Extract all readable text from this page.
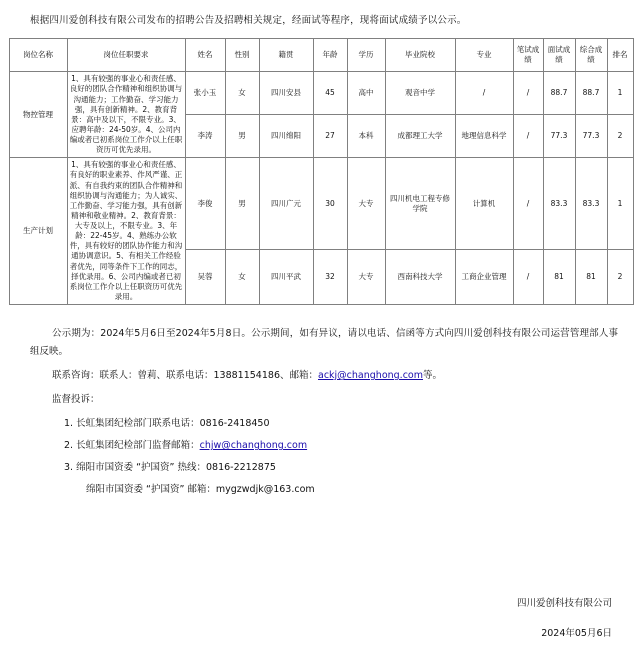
根据四川爱创科技有限公司发布的招聘公告及招聘相关规定，经面试等程序，现将面试成绩予以公示。
岗位名称	岗位任职要求	姓名	性别	籍贯	年龄	学历	毕业院校	专业	笔试成绩	面试成绩	综合成绩	排名
物控管理	1、具有较强的事业心和责任感、良好的团队合作精神和组织协调与沟通能力；工作勤奋、学习能力强，具有创新精神。2、教育背景：高中及以下，不限专业。3、应聘年龄：24-50岁。4、公司内编或者已初系岗位工作介以上任职资历可优先录用。	张小玉	女	四川安县	45	高中	观音中学	/	/	88.7	88.7	1
		李涛	男	四川绵阳	27	本科	成都理工大学	地理信息科学	/	77.3	77.3	2
生产计划	1、具有较强的事业心和责任感、有良好的职业素养、作风严谨、正派、有自我约束的团队合作精神和组织协调与沟通能力；为人诚实、工作勤奋、学习能力强，具有创新精神和敬业精神。2、教育背景：大专及以上，不限专业。3、年龄：22-45岁。4、熟练办公软件，具有较好的团队协作能力和沟通协调意识。5、有相关工作经验者优先，同等条件下工作的同志，择优录用。6、公司内编或者已初系岗位工作介以上任职资历可优先录用。	李俊	男	四川广元	30	大专	四川机电工程专修学院	计算机	/	83.3	83.3	1
		吴蓉	女	四川平武	32	大专	西南科技大学	工商企业管理	/	81	81	2

公示期为：2024年5月6日至2024年5月8日。公示期间，如有异议，请以电话、信函等方式向四川爱创科技有限公司运营管理部人事组反映。

联系咨询：联系人：曾莉、联系电话：13881154186、邮箱：ackj@changhong.com等。

监督投诉：

1. 长虹集团纪检部门联系电话：0816-2418450
2. 长虹集团纪检部门监督邮箱：chjw@changhong.com
3. 绵阳市国资委 “护国资” 热线：0816-2212875

绵阳市国资委 “护国资” 邮箱：mygzwdjk@163.com

四川爱创科技有限公司
2024年05月6日
